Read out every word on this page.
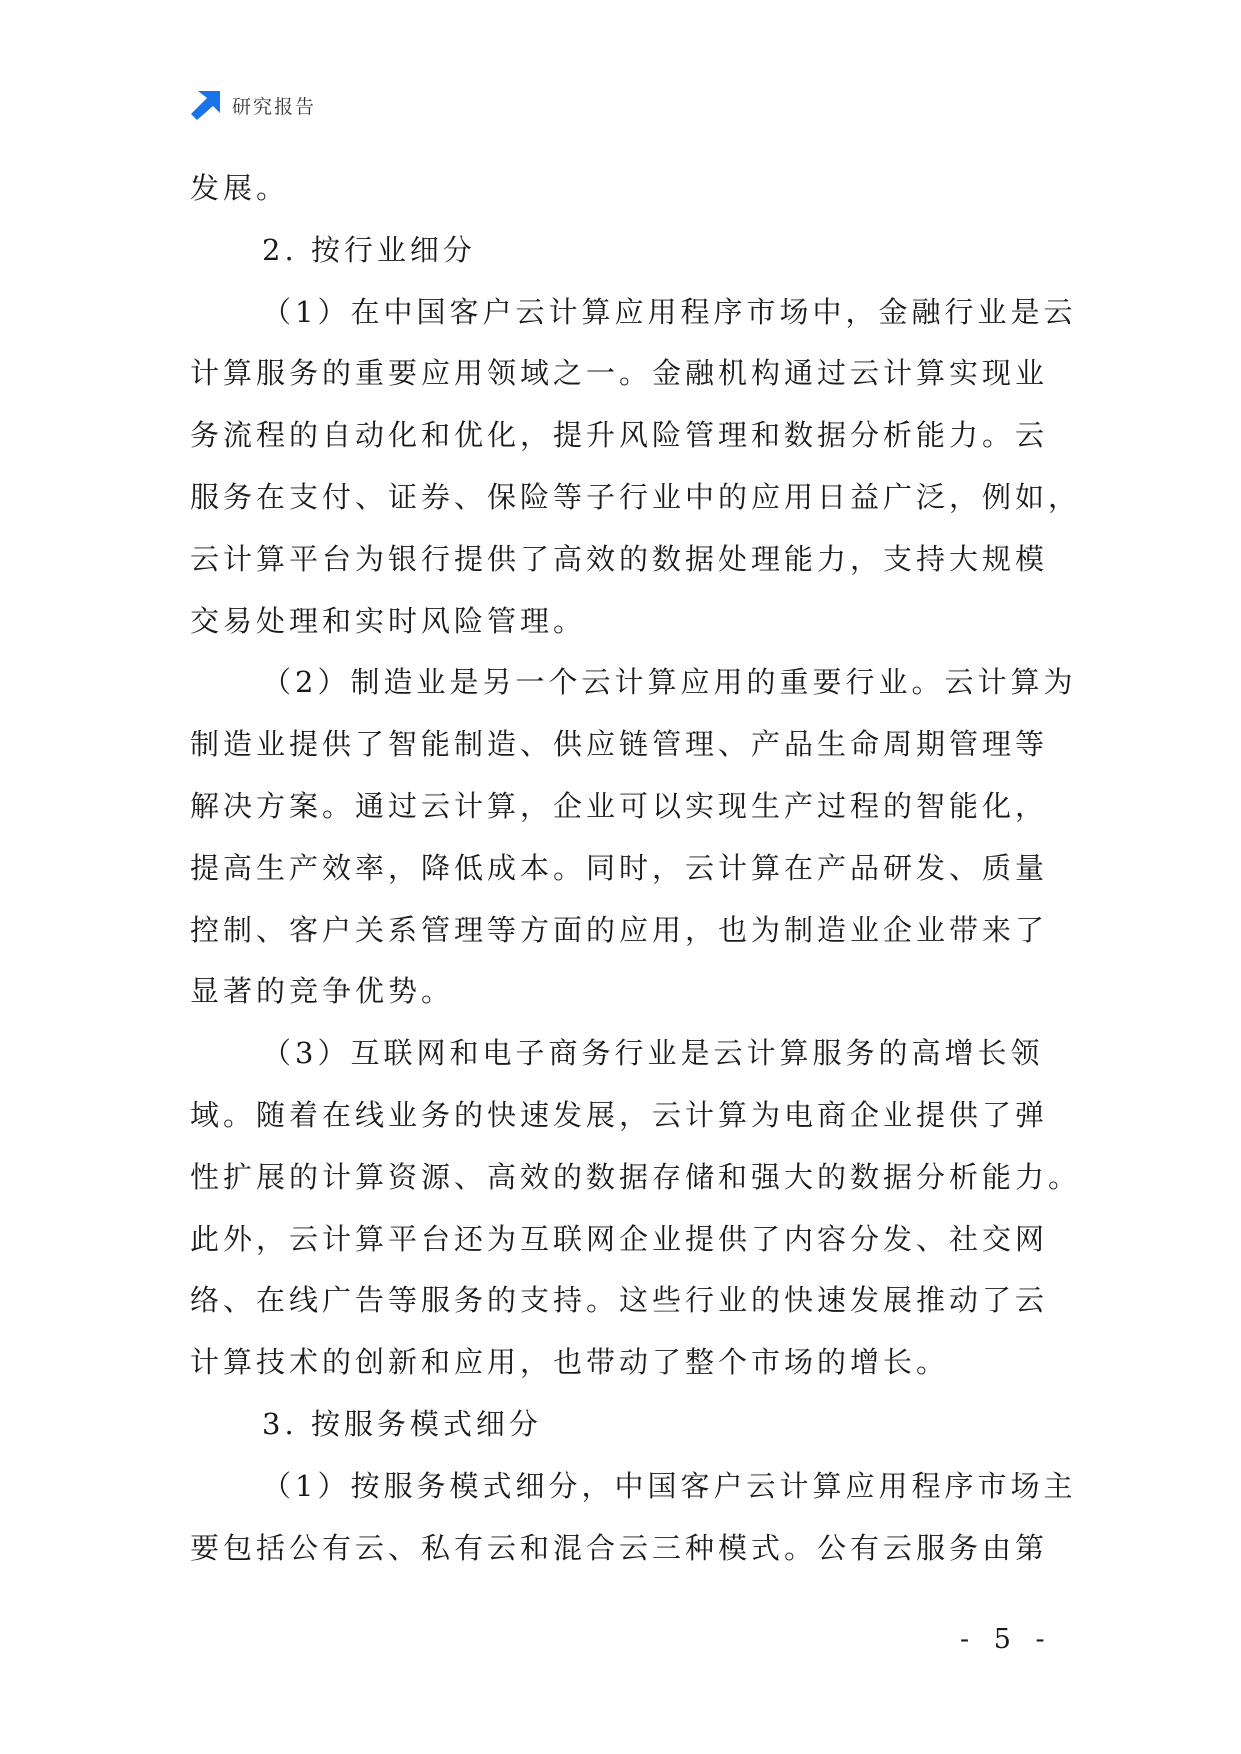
研究报告
发展。
2. 按行业细分
（1）在中国客户云计算应用程序市场中，金融行业是云
计算服务的重要应用领域之一。金融机构通过云计算实现业
务流程的自动化和优化，提升风险管理和数据分析能力。云
服务在支付、证券、保险等子行业中的应用日益广泛，例如，
云计算平台为银行提供了高效的数据处理能力，支持大规模
交易处理和实时风险管理。
（2）制造业是另一个云计算应用的重要行业。云计算为
制造业提供了智能制造、供应链管理、产品生命周期管理等
解决方案。通过云计算，企业可以实现生产过程的智能化，
提高生产效率，降低成本。同时，云计算在产品研发、质量
控制、客户关系管理等方面的应用，也为制造业企业带来了
显著的竞争优势。
（3）互联网和电子商务行业是云计算服务的高增长领
域。随着在线业务的快速发展，云计算为电商企业提供了弹
性扩展的计算资源、高效的数据存储和强大的数据分析能力。
此外，云计算平台还为互联网企业提供了内容分发、社交网
络、在线广告等服务的支持。这些行业的快速发展推动了云
计算技术的创新和应用，也带动了整个市场的增长。
3. 按服务模式细分
（1）按服务模式细分，中国客户云计算应用程序市场主
要包括公有云、私有云和混合云三种模式。公有云服务由第
- 5 -
